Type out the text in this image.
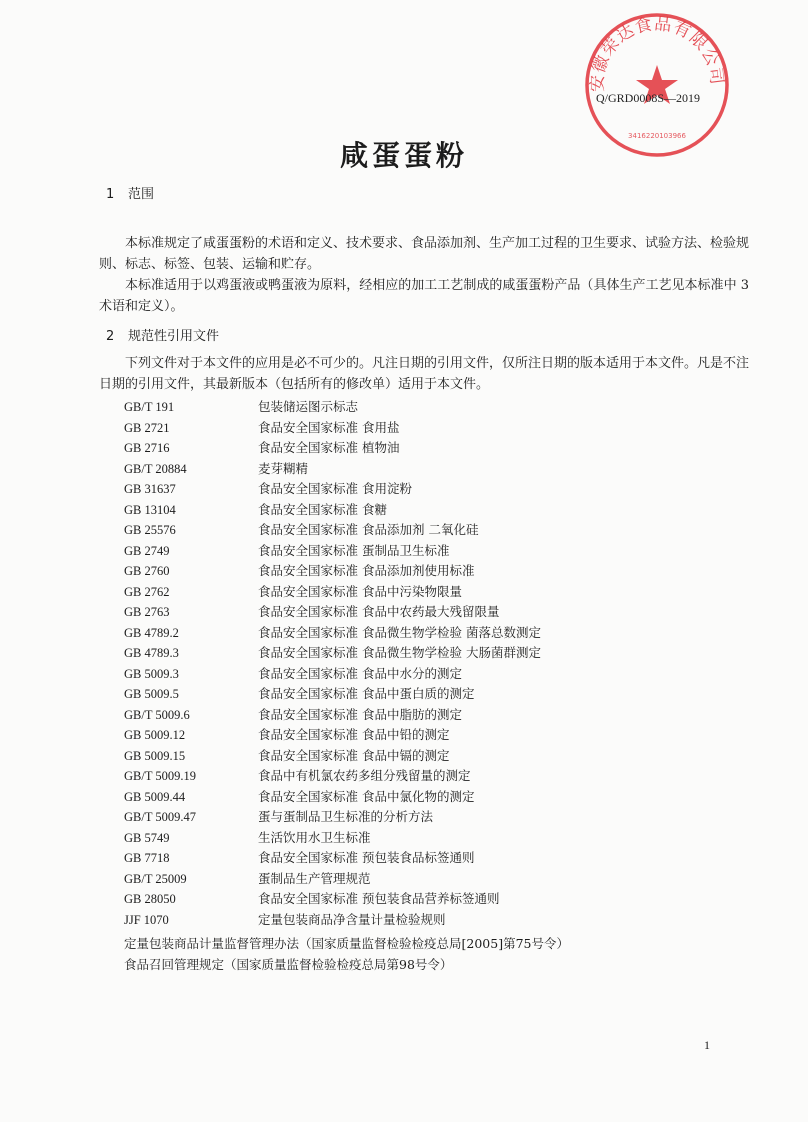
安徽荣达食品有限公司
3416220103966
Q/GRD0008S—2019
咸蛋蛋粉
1 范围

本标准规定了咸蛋蛋粉的术语和定义、技术要求、食品添加剂、生产加工过程的卫生要求、试验方法、检验规则、标志、标签、包装、运输和贮存。

本标准适用于以鸡蛋液或鸭蛋液为原料，经相应的加工工艺制成的咸蛋蛋粉产品（具体生产工艺见本标准中 3术语和定义）。

2 规范性引用文件

下列文件对于本文件的应用是必不可少的。凡注日期的引用文件，仅所注日期的版本适用于本文件。凡是不注日期的引用文件，其最新版本（包括所有的修改单）适用于本文件。

GB/T 191	包装储运图示标志
GB 2721	食品安全国家标准 食用盐
GB 2716	食品安全国家标准 植物油
GB/T 20884	麦芽糊精
GB 31637	食品安全国家标准 食用淀粉
GB 13104	食品安全国家标准 食糖
GB 25576	食品安全国家标准 食品添加剂 二氧化硅
GB 2749	食品安全国家标准 蛋制品卫生标准
GB 2760	食品安全国家标准 食品添加剂使用标准
GB 2762	食品安全国家标准 食品中污染物限量
GB 2763	食品安全国家标准 食品中农药最大残留限量
GB 4789.2	食品安全国家标准 食品微生物学检验 菌落总数测定
GB 4789.3	食品安全国家标准 食品微生物学检验 大肠菌群测定
GB 5009.3	食品安全国家标准 食品中水分的测定
GB 5009.5	食品安全国家标准 食品中蛋白质的测定
GB/T 5009.6	食品安全国家标准 食品中脂肪的测定
GB 5009.12	食品安全国家标准 食品中铅的测定
GB 5009.15	食品安全国家标准 食品中镉的测定
GB/T 5009.19	食品中有机氯农药多组分残留量的测定
GB 5009.44	食品安全国家标准 食品中氯化物的测定
GB/T 5009.47	蛋与蛋制品卫生标准的分析方法
GB 5749	生活饮用水卫生标准
GB 7718	食品安全国家标准 预包装食品标签通则
GB/T 25009	蛋制品生产管理规范
GB 28050	食品安全国家标准 预包装食品营养标签通则
JJF 1070	定量包装商品净含量计量检验规则
定量包装商品计量监督管理办法（国家质量监督检验检疫总局[2005]第75号令）
食品召回管理规定（国家质量监督检验检疫总局第98号令）
1
